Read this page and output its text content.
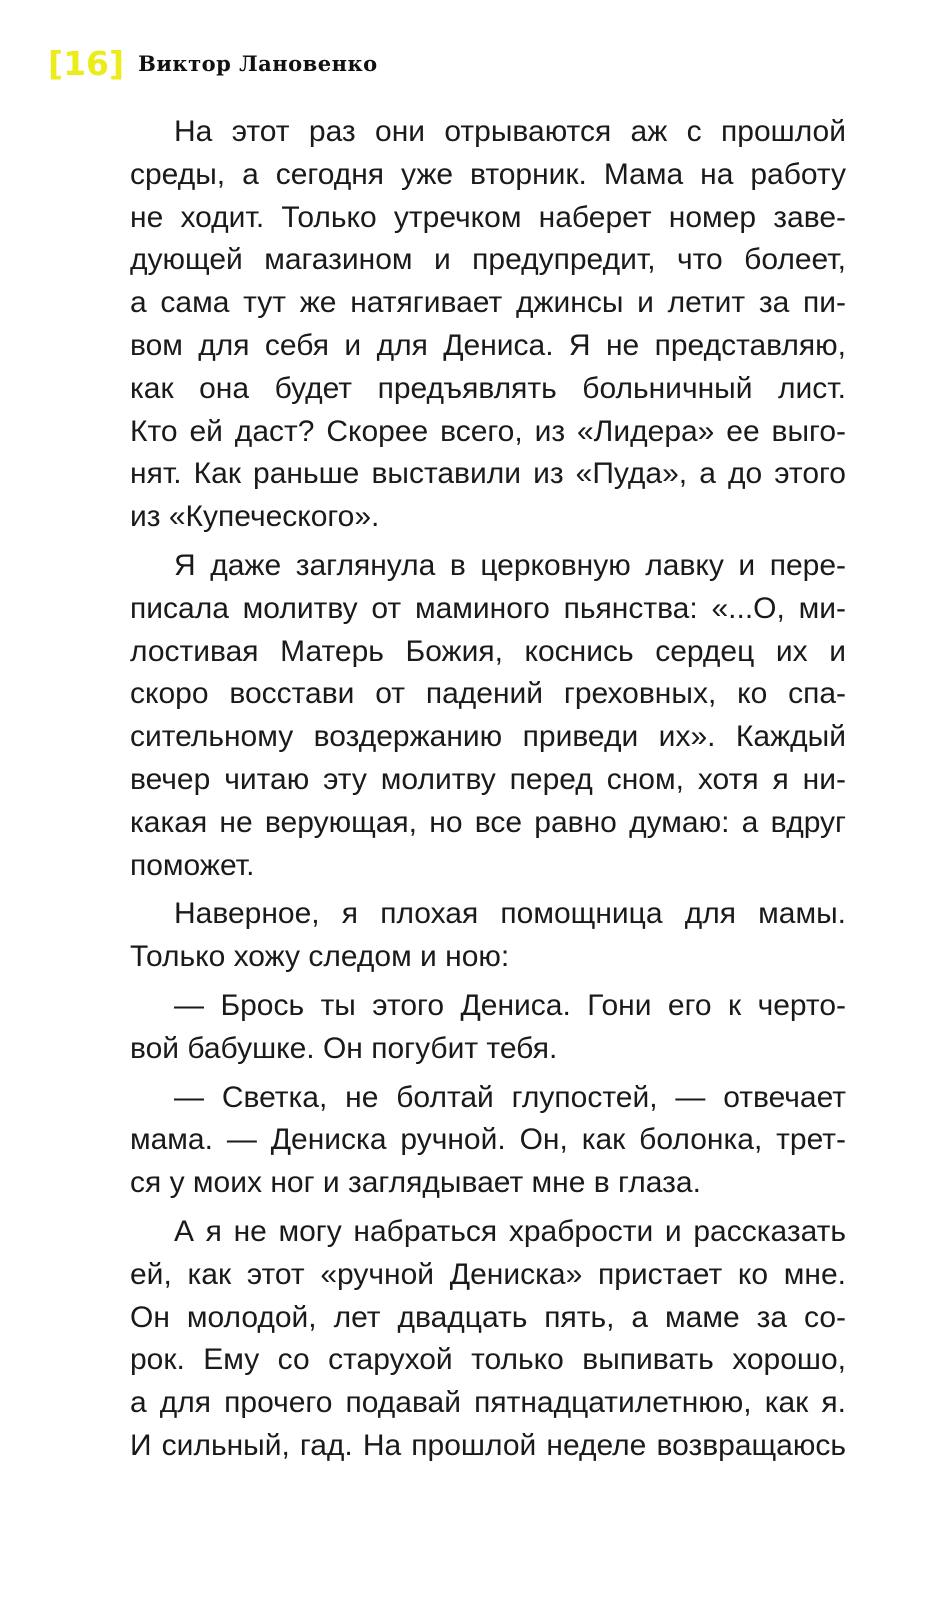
[16] Виктор Лановенко
На этот раз они отрываются аж с прошлой
среды, а сегодня уже вторник. Мама на работу
не ходит. Только утречком наберет номер заве-
дующей магазином и предупредит, что болеет,
а сама тут же натягивает джинсы и летит за пи-
вом для себя и для Дениса. Я не представляю,
как она будет предъявлять больничный лист.
Кто ей даст? Скорее всего, из «Лидера» ее выго-
нят. Как раньше выставили из «Пуда», а до этого
из «Купеческого».
Я даже заглянула в церковную лавку и пере-
писала молитву от маминого пьянства: «...О, ми-
лостивая Матерь Божия, коснись сердец их и
скоро восстави от падений греховных, ко спа-
сительному воздержанию приведи их». Каждый
вечер читаю эту молитву перед сном, хотя я ни-
какая не верующая, но все равно думаю: а вдруг
поможет.
Наверное, я плохая помощница для мамы.
Только хожу следом и ною:
— Брось ты этого Дениса. Гони его к черто-
вой бабушке. Он погубит тебя.
— Светка, не болтай глупостей, — отвечает
мама. — Дениска ручной. Он, как болонка, трет-
ся у моих ног и заглядывает мне в глаза.
А я не могу набраться храбрости и рассказать
ей, как этот «ручной Дениска» пристает ко мне.
Он молодой, лет двадцать пять, а маме за со-
рок. Ему со старухой только выпивать хорошо,
а для прочего подавай пятнадцатилетнюю, как я.
И сильный, гад. На прошлой неделе возвращаюсь
